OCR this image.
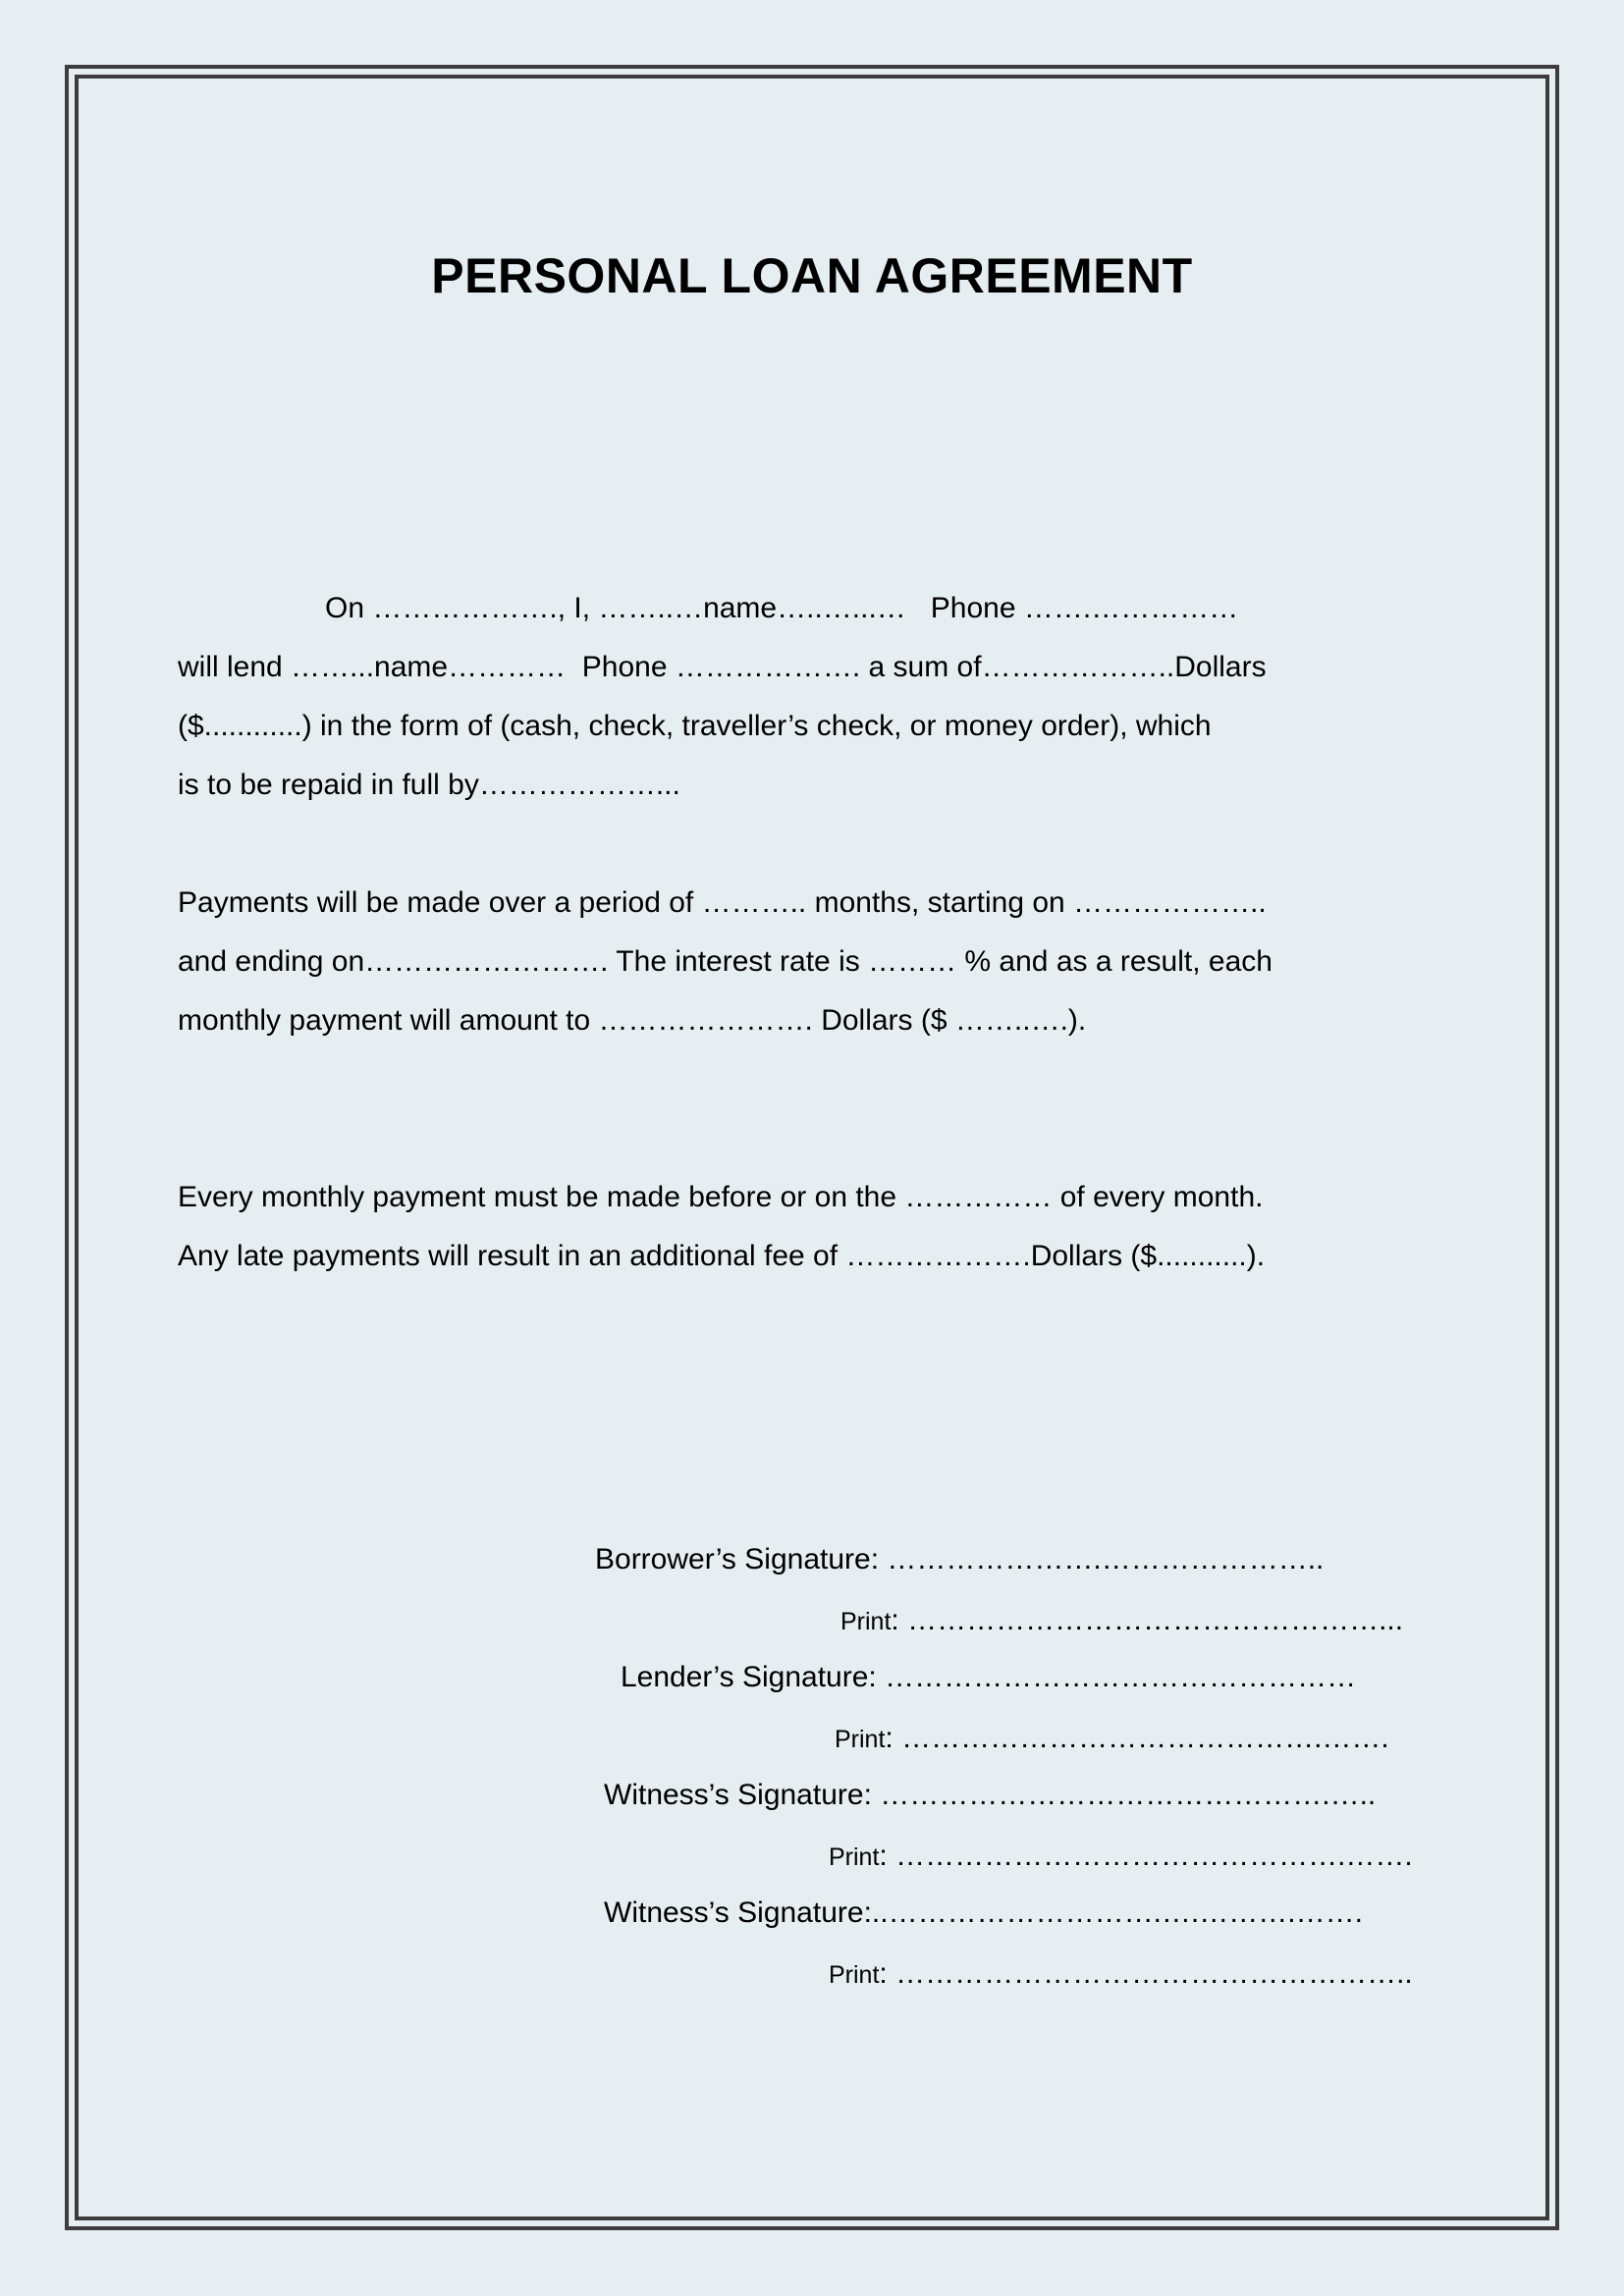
PERSONAL LOAN AGREEMENT
On ………………., I, ……..…name…..…...…   Phone …….……………
will lend ……...name…………  Phone ………………. a sum of………………..Dollars
($............) in the form of (cash, check, traveller’s check, or money order), which
is to be repaid in full by………………...
Payments will be made over a period of ……….. months, starting on ………………..
and ending on……………………. The interest rate is ……… % and as a result, each
monthly payment will amount to …………………. Dollars ($ ……..….).
Every monthly payment must be made before or on the …………… of every month.
Any late payments will result in an additional fee of ……………….Dollars ($...........).
Borrower’s Signature: ………………….…………………..
Print: …………………………………………...
Lender’s Signature: …………………………………………
Print: …………………………………….…….
Witness’s Signature: ……………………………………….…..
Print: ……………………………………….…….
Witness’s Signature:..……………………….….……….…….
Print: ……………………………………………..
